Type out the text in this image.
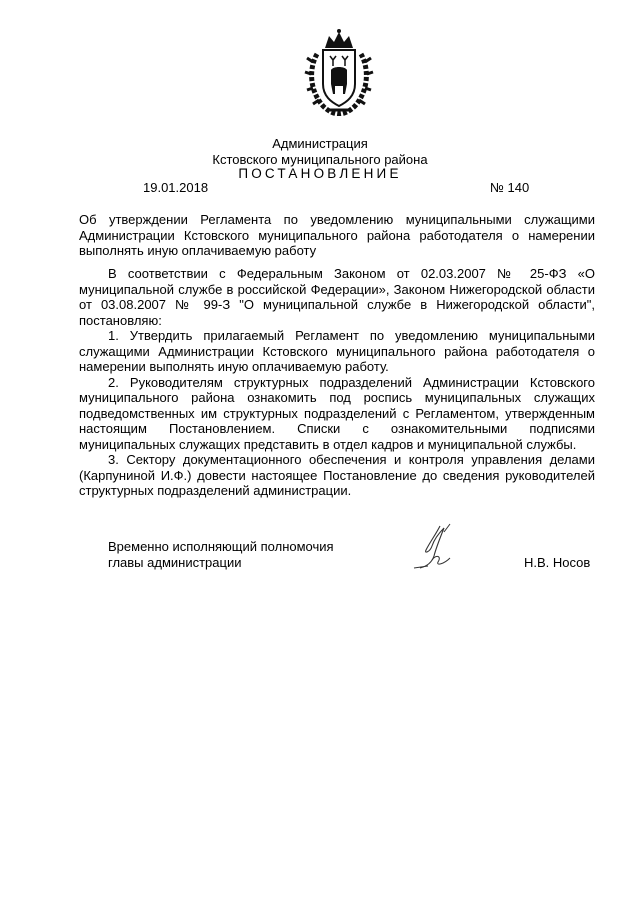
Администрация
Кстовского муниципального района
ПОСТАНОВЛЕНИЕ
19.01.2018	№ 140
Об утверждении Регламента по уведомлению муниципальными служащими Администрации Кстовского муниципального района работодателя о намерении выполнять иную оплачиваемую работу

В соответствии с Федеральным Законом от 02.03.2007 № 25-ФЗ «О муниципальной службе в российской Федерации», Законом Нижегородской области от 03.08.2007 № 99-З "О муниципальной службе в Нижегородской области", постановляю:

1. Утвердить прилагаемый Регламент по уведомлению муниципальными служащими Администрации Кстовского муниципального района работодателя о намерении выполнять иную оплачиваемую работу.

2. Руководителям структурных подразделений Администрации Кстовского муниципального района ознакомить под роспись муниципальных служащих подведомственных им структурных подразделений с Регламентом, утвержденным настоящим Постановлением. Списки с ознакомительными подписями муниципальных служащих представить в отдел кадров и муниципальной службы.

3. Сектору документационного обеспечения и контроля управления делами (Карпуниной И.Ф.) довести настоящее Постановление до сведения руководителей структурных подразделений администрации.

Временно исполняющий полномочия
главы администрации	Н.В. Носов
